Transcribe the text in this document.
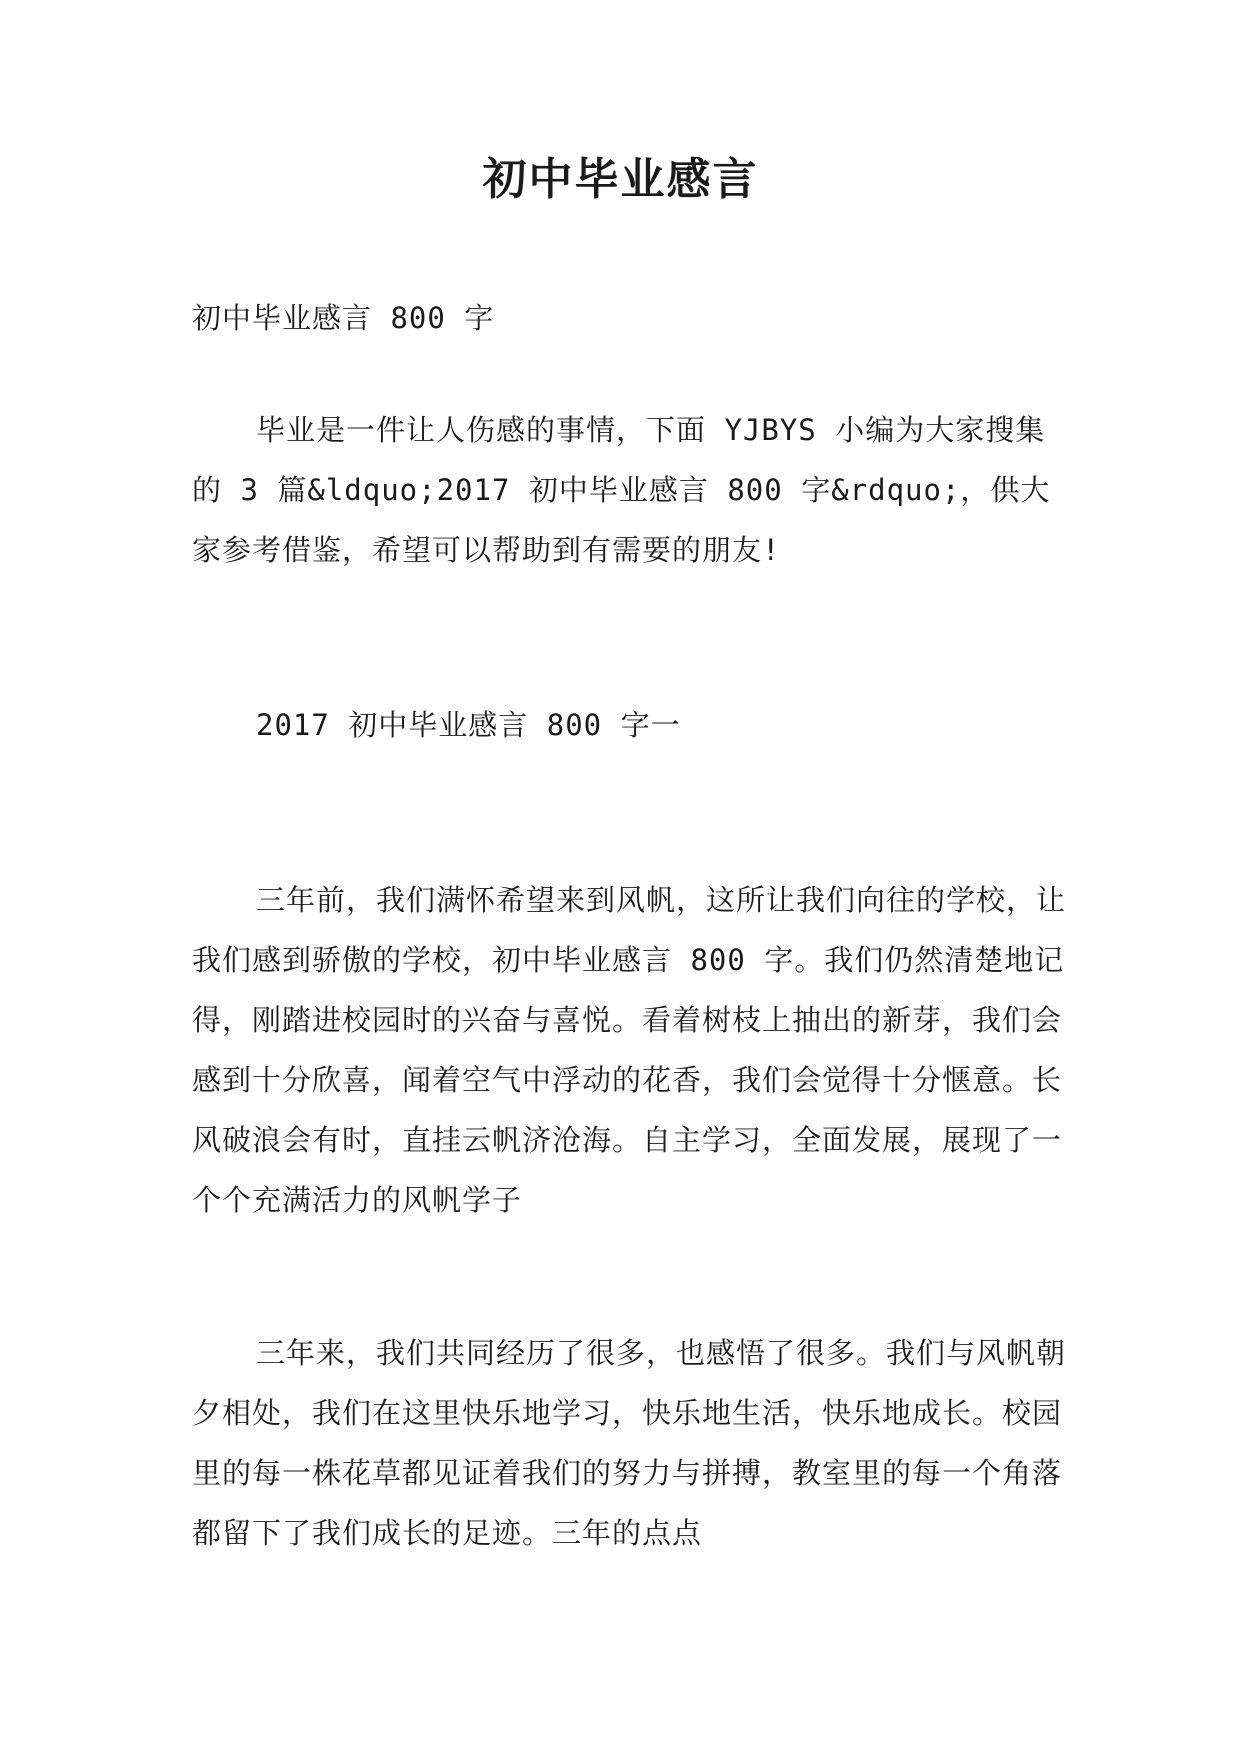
初中毕业感言
初中毕业感言 800 字
毕业是一件让人伤感的事情，下面 YJBYS 小编为大家搜集的 3 篇&ldquo;2017 初中毕业感言 800 字&rdquo;，供大家参考借鉴，希望可以帮助到有需要的朋友!
2017 初中毕业感言 800 字一
三年前，我们满怀希望来到风帆，这所让我们向往的学校，让我们感到骄傲的学校，初中毕业感言 800 字。我们仍然清楚地记得，刚踏进校园时的兴奋与喜悦。看着树枝上抽出的新芽，我们会感到十分欣喜，闻着空气中浮动的花香，我们会觉得十分惬意。长风破浪会有时，直挂云帆济沧海。自主学习，全面发展，展现了一个个充满活力的风帆学子
三年来，我们共同经历了很多，也感悟了很多。我们与风帆朝夕相处，我们在这里快乐地学习，快乐地生活，快乐地成长。校园里的每一株花草都见证着我们的努力与拼搏，教室里的每一个角落都留下了我们成长的足迹。三年的点点
